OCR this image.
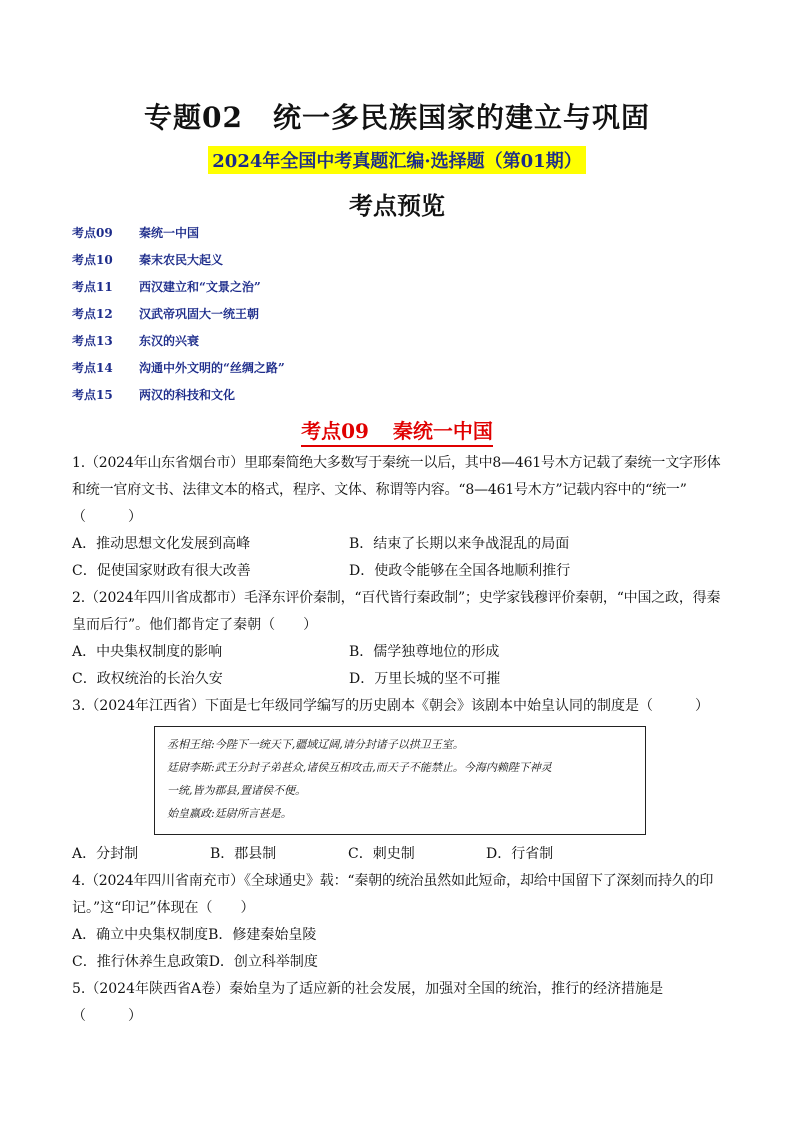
专题02 统一多民族国家的建立与巩固
2024年全国中考真题汇编·选择题（第01期）
考点预览
考点09 秦统一中国
考点10 秦末农民大起义
考点11 西汉建立和“文景之治”
考点12 汉武帝巩固大一统王朝
考点13 东汉的兴衰
考点14 沟通中外文明的“丝绸之路”
考点15 两汉的科技和文化
考点09 秦统一中国
1.（2024年山东省烟台市）里耶秦简绝大多数写于秦统一以后，其中8—461号木方记载了秦统一文字形体
和统一官府文书、法律文本的格式，程序、文体、称谓等内容。“8—461号木方”记载内容中的“统一”
（　　　）
A．推动思想文化发展到高峰	B．结束了长期以来争战混乱的局面
C．促使国家财政有很大改善	D．使政令能够在全国各地顺利推行
2.（2024年四川省成都市）毛泽东评价秦制，“百代皆行秦政制”；史学家钱穆评价秦朝，“中国之政，得秦
皇而后行”。他们都肯定了秦朝（　　）
A．中央集权制度的影响	B．儒学独尊地位的形成
C．政权统治的长治久安	D．万里长城的坚不可摧
3.（2024年江西省）下面是七年级同学编写的历史剧本《朝会》该剧本中始皇认同的制度是（　　　）
丞相王绾:今陛下一统天下,疆域辽阔,请分封诸子以拱卫王室。
廷尉李斯:武王分封子弟甚众,诸侯互相攻击,而天子不能禁止。今海内赖陛下神灵
一统,皆为郡县,置诸侯不便。
始皇嬴政:廷尉所言甚是。
A．分封制	B．郡县制	C．刺史制	D．行省制
4.（2024年四川省南充市）《全球通史》载：“秦朝的统治虽然如此短命，却给中国留下了深刻而持久的印
记。”这“印记”体现在（　　）
A．确立中央集权制度B．修建秦始皇陵
C．推行休养生息政策D．创立科举制度
5.（2024年陕西省A卷）秦始皇为了适应新的社会发展，加强对全国的统治，推行的经济措施是
（　　　）
